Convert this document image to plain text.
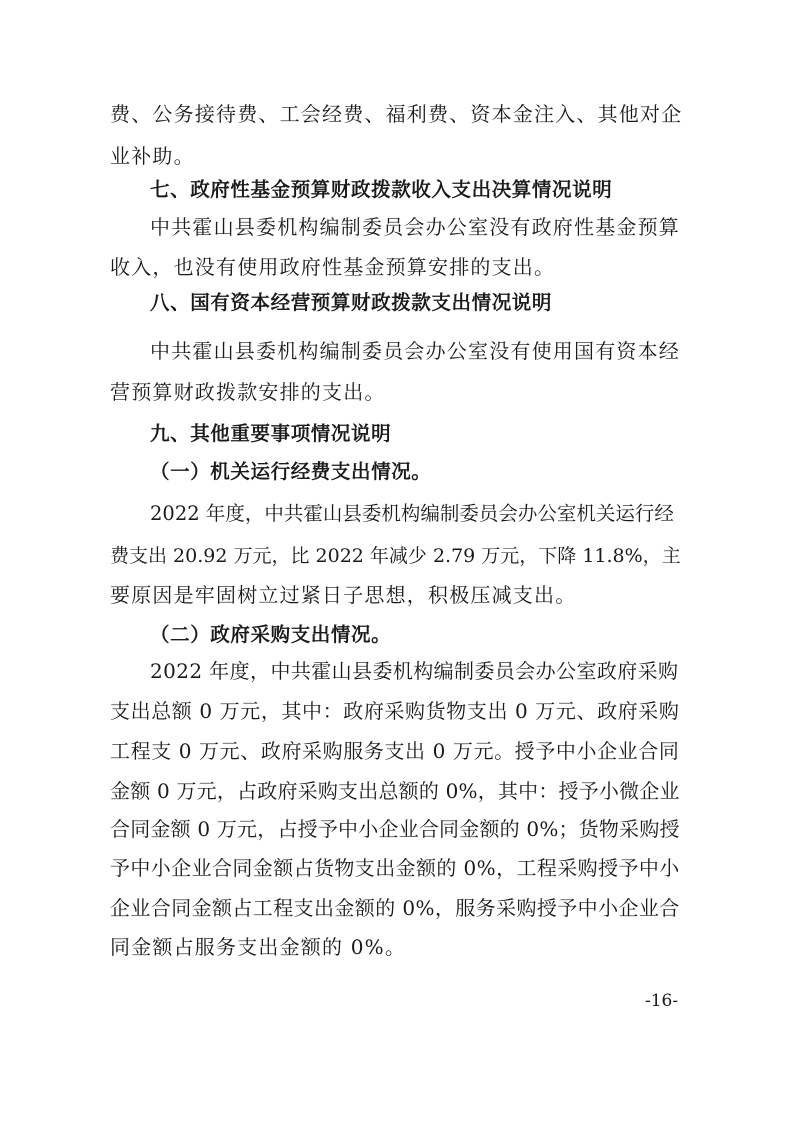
费、公务接待费、工会经费、福利费、资本金注入、其他对企
业补助。
七、政府性基金预算财政拨款收入支出决算情况说明
中共霍山县委机构编制委员会办公室没有政府性基金预算
收入，也没有使用政府性基金预算安排的支出。
八、国有资本经营预算财政拨款支出情况说明
中共霍山县委机构编制委员会办公室没有使用国有资本经
营预算财政拨款安排的支出。
九、其他重要事项情况说明
（一）机关运行经费支出情况。
2022 年度，中共霍山县委机构编制委员会办公室机关运行经
费支出 20.92 万元，比 2022 年减少 2.79 万元，下降 11.8%，主
要原因是牢固树立过紧日子思想，积极压减支出。
（二）政府采购支出情况。
2022 年度，中共霍山县委机构编制委员会办公室政府采购
支出总额 0 万元，其中：政府采购货物支出 0 万元、政府采购
工程支 0 万元、政府采购服务支出 0 万元。授予中小企业合同
金额 0 万元，占政府采购支出总额的 0%，其中：授予小微企业
合同金额 0 万元，占授予中小企业合同金额的 0%；货物采购授
予中小企业合同金额占货物支出金额的 0%，工程采购授予中小
企业合同金额占工程支出金额的 0%，服务采购授予中小企业合
同金额占服务支出金额的 0%。
-16-
